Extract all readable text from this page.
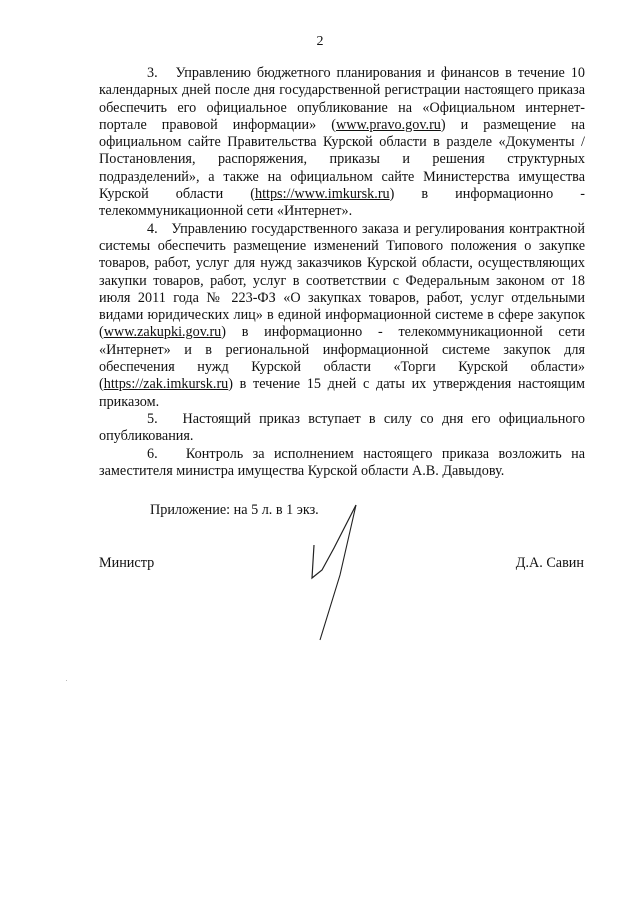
2

3.   Управлению бюджетного планирования и финансов в течение 10 календарных дней после дня государственной регистрации настоящего приказа обеспечить его официальное опубликование на «Официальном интернет-портале правовой информации» (www.pravo.gov.ru) и размещение на официальном сайте Правительства Курской области в разделе «Документы /Постановления, распоряжения, приказы и решения структурных подразделений», а также на официальном сайте Министерства имущества Курской области (https://www.imkursk.ru) в информационно - телекоммуникационной сети «Интернет».

4.   Управлению государственного заказа и регулирования контрактной системы обеспечить размещение изменений Типового положения о закупке товаров, работ, услуг для нужд заказчиков Курской области, осуществляющих закупки товаров, работ, услуг в соответствии с Федеральным законом от 18 июля 2011 года № 223-ФЗ «О закупках товаров, работ, услуг отдельными видами юридических лиц» в единой информационной системе в сфере закупок (www.zakupki.gov.ru) в информационно - телекоммуникационной сети «Интернет» и в региональной информационной системе закупок для обеспечения нужд Курской области «Торги Курской области» (https://zak.imkursk.ru) в течение 15 дней с даты их утверждения настоящим приказом.

5.   Настоящий приказ вступает в силу со дня его официального опубликования.

6.   Контроль за исполнением настоящего приказа возложить на заместителя министра имущества Курской области А.В. Давыдову.

Приложение: на 5 л. в 1 экз.
Министр	Д.А. Савин
